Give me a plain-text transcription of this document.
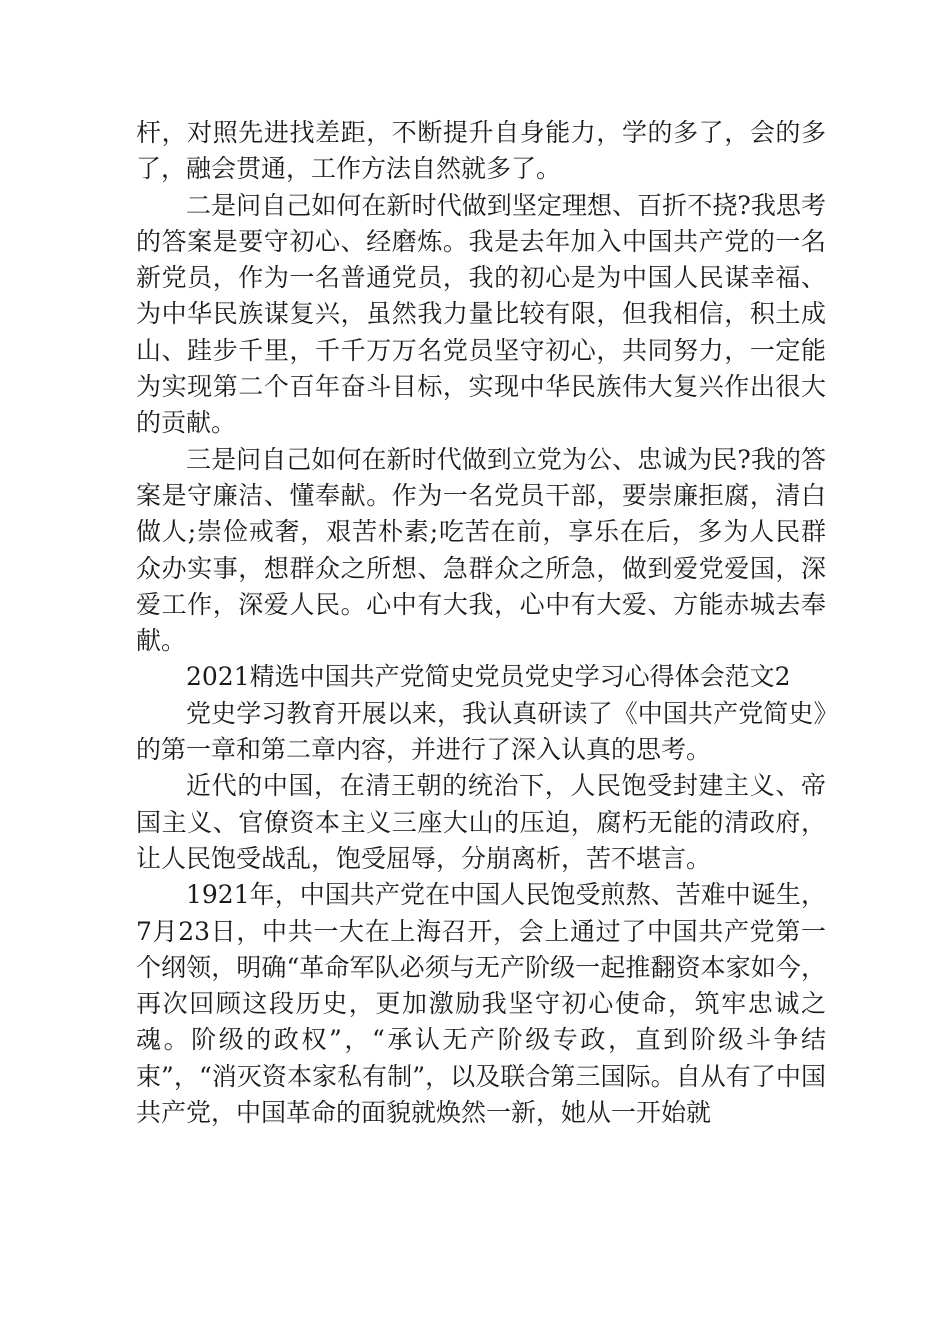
杆，对照先进找差距，不断提升自身能力，学的多了，会的多了，融会贯通，工作方法自然就多了。

二是问自己如何在新时代做到坚定理想、百折不挠?我思考的答案是要守初心、经磨炼。我是去年加入中国共产党的一名新党员，作为一名普通党员，我的初心是为中国人民谋幸福、为中华民族谋复兴，虽然我力量比较有限，但我相信，积土成山、跬步千里，千千万万名党员坚守初心，共同努力，一定能为实现第二个百年奋斗目标，实现中华民族伟大复兴作出很大的贡献。

三是问自己如何在新时代做到立党为公、忠诚为民?我的答案是守廉洁、懂奉献。作为一名党员干部，要崇廉拒腐，清白做人;崇俭戒奢，艰苦朴素;吃苦在前，享乐在后，多为人民群众办实事，想群众之所想、急群众之所急，做到爱党爱国，深爱工作，深爱人民。心中有大我，心中有大爱、方能赤城去奉献。

2021精选中国共产党简史党员党史学习心得体会范文2

党史学习教育开展以来，我认真研读了《中国共产党简史》的第一章和第二章内容，并进行了深入认真的思考。

近代的中国，在清王朝的统治下，人民饱受封建主义、帝国主义、官僚资本主义三座大山的压迫，腐朽无能的清政府，让人民饱受战乱，饱受屈辱，分崩离析，苦不堪言。

1921年，中国共产党在中国人民饱受煎熬、苦难中诞生，7月23日，中共一大在上海召开，会上通过了中国共产党第一个纲领，明确“革命军队必须与无产阶级一起推翻资本家如今，再次回顾这段历史，更加激励我坚守初心使命，筑牢忠诚之魂。阶级的政权”，“承认无产阶级专政，直到阶级斗争结束”，“消灭资本家私有制”，以及联合第三国际。自从有了中国共产党，中国革命的面貌就焕然一新，她从一开始就
